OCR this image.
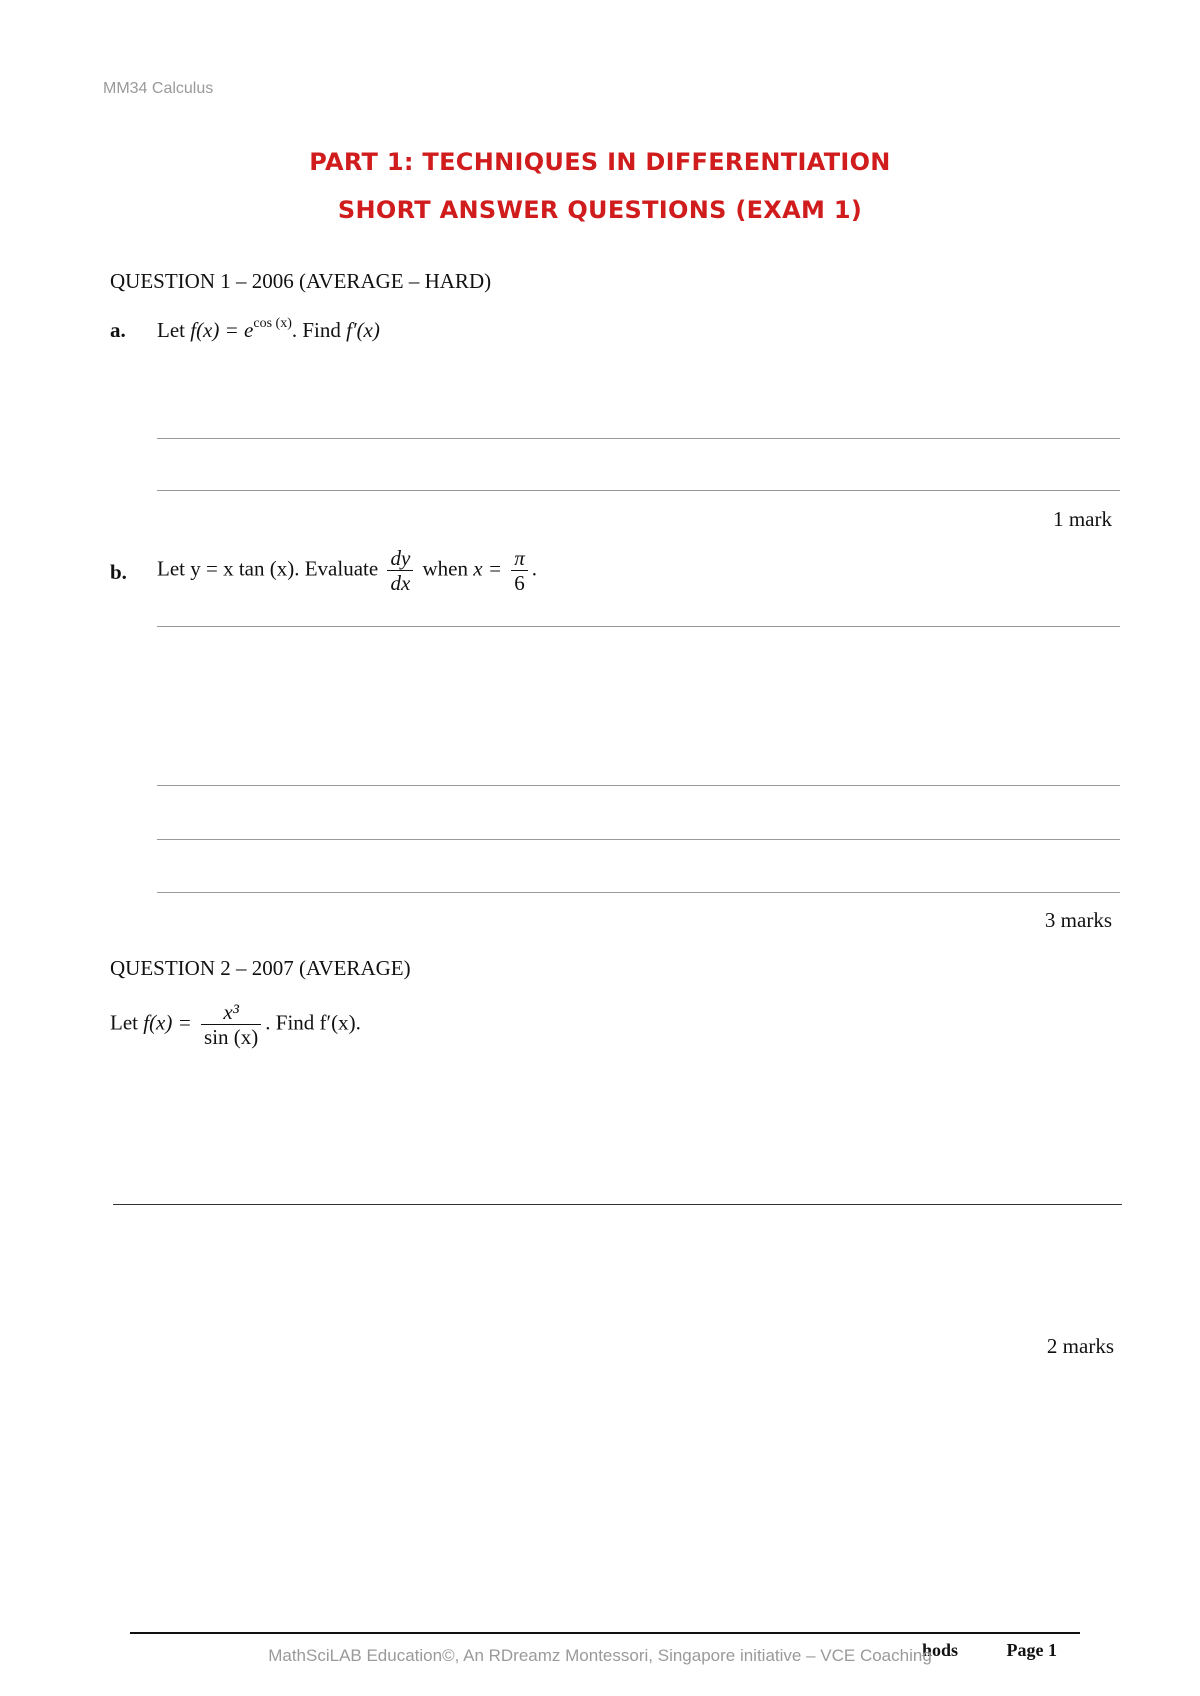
MM34 Calculus
PART 1: TECHNIQUES IN DIFFERENTIATION
SHORT ANSWER QUESTIONS (EXAM 1)
QUESTION 1 – 2006 (AVERAGE – HARD)
a. Let $f(x) = e^{cos (x)}$. Find f′(x)
1 mark
b. Let y = x tan (x). Evaluate $\frac{dy}{dx}$ when $x = \frac{\pi}{6}$ .
3 marks
QUESTION 2 – 2007 (AVERAGE)
Let $f(x) = \frac{\text{x³}}{\sin (x)}$ . Find f′(x).
2 marks
hods
MathSciLAB Education©, An RDreamz Montessori, Singapore initiative – VCE Coaching	Page 1
